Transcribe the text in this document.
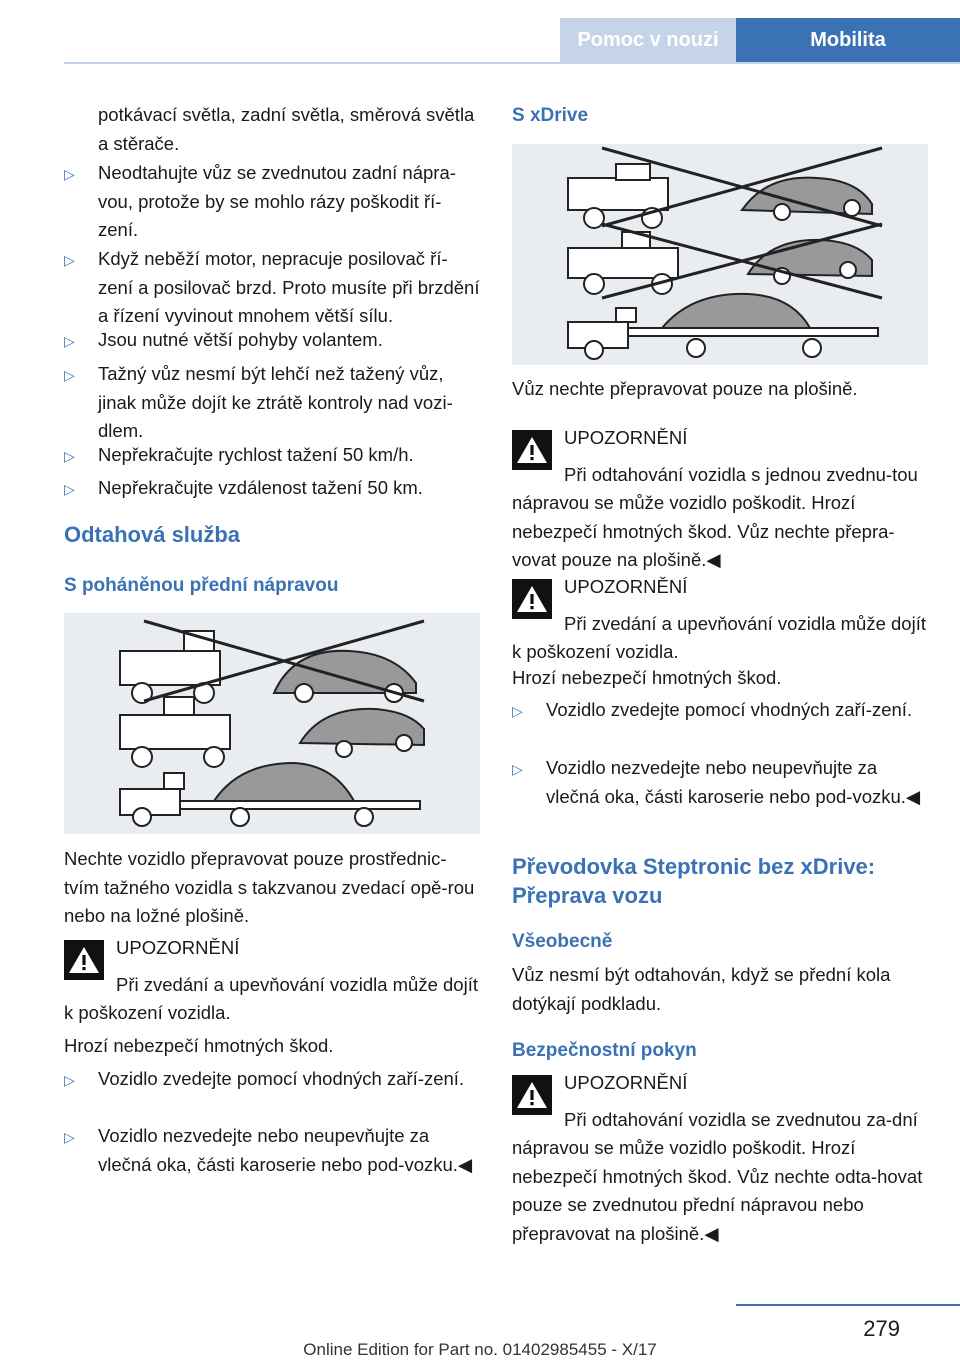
Pomoc v nouzi	Mobilita

potkávací světla, zadní světla, směrová světla a stěrače.

▷	Neodtahujte vůz se zvednutou zadní nápra‐vou, protože by se mohlo rázy poškodit ří‐zení.
▷	Když neběží motor, nepracuje posilovač ří‐zení a posilovač brzd. Proto musíte při brzdění a řízení vyvinout mnohem větší sílu.
▷	Jsou nutné větší pohyby volantem.
▷	Tažný vůz nesmí být lehčí než tažený vůz, jinak může dojít ke ztrátě kontroly nad vozi‐dlem.
▷	Nepřekračujte rychlost tažení 50 km/h.
▷	Nepřekračujte vzdálenost tažení 50 km.
Odtahová služba
S poháněnou přední nápravou

Nechte vozidlo přepravovat pouze prostřednic‐tvím tažného vozidla s takzvanou zvedací opě‐rou nebo na ložné plošině.

UPOZORNĚNÍ
Při zvedání a upevňování vozidla může dojít k poškození vozidla.

Hrozí nebezpečí hmotných škod.

▷	Vozidlo zvedejte pomocí vhodných zaří‐zení.
▷	Vozidlo nezvedejte nebo neupevňujte za vlečná oka, části karoserie nebo pod‐vozku.◀
S xDrive

Vůz nechte přepravovat pouze na plošině.

UPOZORNĚNÍ
Při odtahování vozidla s jednou zvednu‐tou nápravou se může vozidlo poškodit. Hrozí nebezpečí hmotných škod. Vůz nechte přepra‐vovat pouze na plošině.◀
UPOZORNĚNÍ
Při zvedání a upevňování vozidla může dojít k poškození vozidla.

Hrozí nebezpečí hmotných škod.

▷	Vozidlo zvedejte pomocí vhodných zaří‐zení.
▷	Vozidlo nezvedejte nebo neupevňujte za vlečná oka, části karoserie nebo pod‐vozku.◀
Převodovka Steptronic bez xDrive: Přeprava vozu
Všeobecně

Vůz nesmí být odtahován, když se přední kola dotýkají podkladu.

Bezpečnostní pokyn
UPOZORNĚNÍ
Při odtahování vozidla se zvednutou za‐dní nápravou se může vozidlo poškodit. Hrozí nebezpečí hmotných škod. Vůz nechte odta‐hovat pouze se zvednutou přední nápravou nebo přepravovat na plošině.◀
279
Online Edition for Part no. 01402985455 - X/17
